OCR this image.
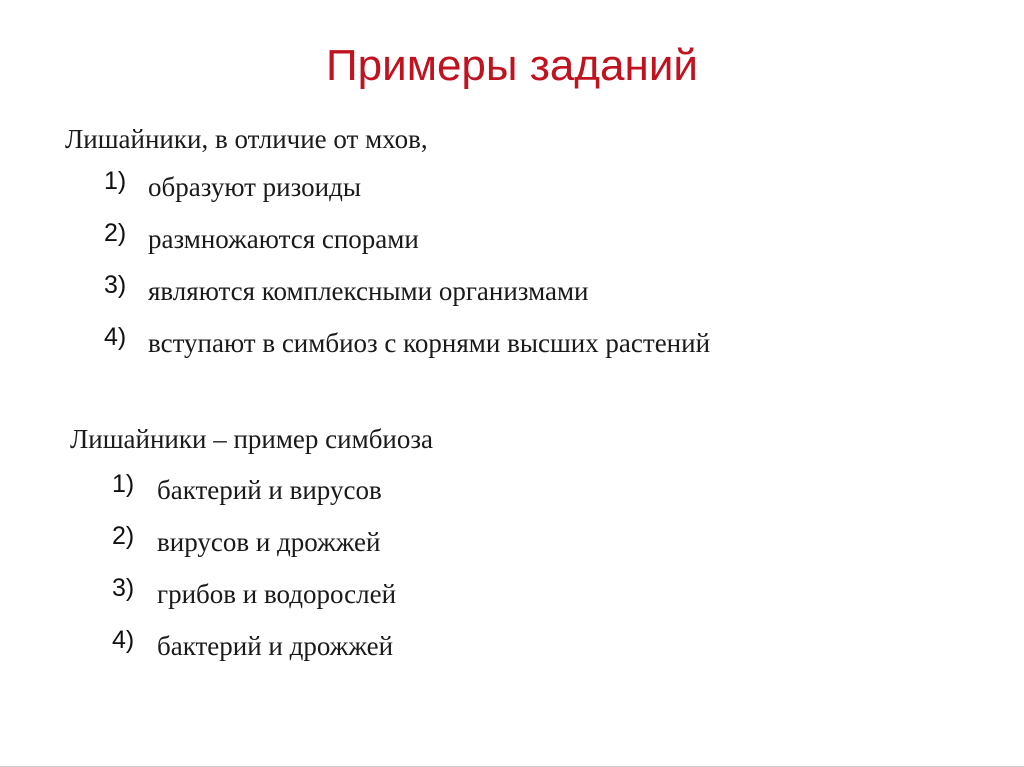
Примеры заданий
Лишайники, в отличие от мхов,
1) образуют ризоиды
2) размножаются спорами
3) являются комплексными организмами
4) вступают в симбиоз с корнями высших растений
Лишайники – пример симбиоза
1) бактерий и вирусов
2) вирусов и дрожжей
3) грибов и водорослей
4) бактерий и дрожжей
